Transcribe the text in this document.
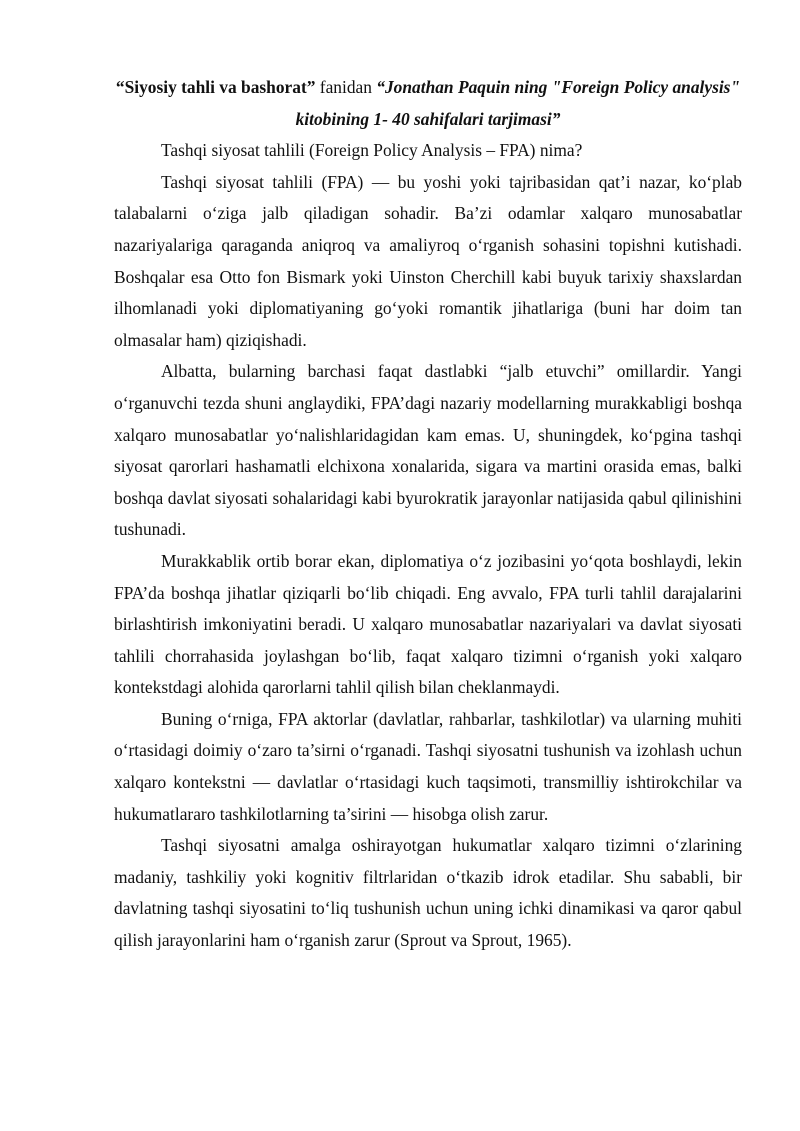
“Siyosiy tahli va bashorat” fanidan “Jonathan Paquin ning "Foreign Policy analysis" kitobining 1- 40 sahifalari tarjimasi”

Tashqi siyosat tahlili (Foreign Policy Analysis – FPA) nima?

Tashqi siyosat tahlili (FPA) — bu yoshi yoki tajribasidan qat’i nazar, ko‘plab talabalarni o‘ziga jalb qiladigan sohadir. Ba’zi odamlar xalqaro munosabatlar nazariyalariga qaraganda aniqroq va amaliyroq o‘rganish sohasini topishni kutishadi. Boshqalar esa Otto fon Bismark yoki Uinston Cherchill kabi buyuk tarixiy shaxslardan ilhomlanadi yoki diplomatiyaning go‘yoki romantik jihatlariga (buni har doim tan olmasalar ham) qiziqishadi.

Albatta, bularning barchasi faqat dastlabki “jalb etuvchi” omillardir. Yangi o‘rganuvchi tezda shuni anglaydiki, FPA’dagi nazariy modellarning murakkabligi boshqa xalqaro munosabatlar yo‘nalishlaridagidan kam emas. U, shuningdek, ko‘pgina tashqi siyosat qarorlari hashamatli elchixona xonalarida, sigara va martini orasida emas, balki boshqa davlat siyosati sohalaridagi kabi byurokratik jarayonlar natijasida qabul qilinishini tushunadi.

Murakkablik ortib borar ekan, diplomatiya o‘z jozibasini yo‘qota boshlaydi, lekin FPA’da boshqa jihatlar qiziqarli bo‘lib chiqadi. Eng avvalo, FPA turli tahlil darajalarini birlashtirish imkoniyatini beradi. U xalqaro munosabatlar nazariyalari va davlat siyosati tahlili chorrahasida joylashgan bo‘lib, faqat xalqaro tizimni o‘rganish yoki xalqaro kontekstdagi alohida qarorlarni tahlil qilish bilan cheklanmaydi.

Buning o‘rniga, FPA aktorlar (davlatlar, rahbarlar, tashkilotlar) va ularning muhiti o‘rtasidagi doimiy o‘zaro ta’sirni o‘rganadi. Tashqi siyosatni tushunish va izohlash uchun xalqaro kontekstni — davlatlar o‘rtasidagi kuch taqsimoti, transmilliy ishtirokchilar va hukumatlararo tashkilotlarning ta’sirini — hisobga olish zarur.

Tashqi siyosatni amalga oshirayotgan hukumatlar xalqaro tizimni o‘zlarining madaniy, tashkiliy yoki kognitiv filtrlaridan o‘tkazib idrok etadilar. Shu sababli, bir davlatning tashqi siyosatini to‘liq tushunish uchun uning ichki dinamikasi va qaror qabul qilish jarayonlarini ham o‘rganish zarur (Sprout va Sprout, 1965).
